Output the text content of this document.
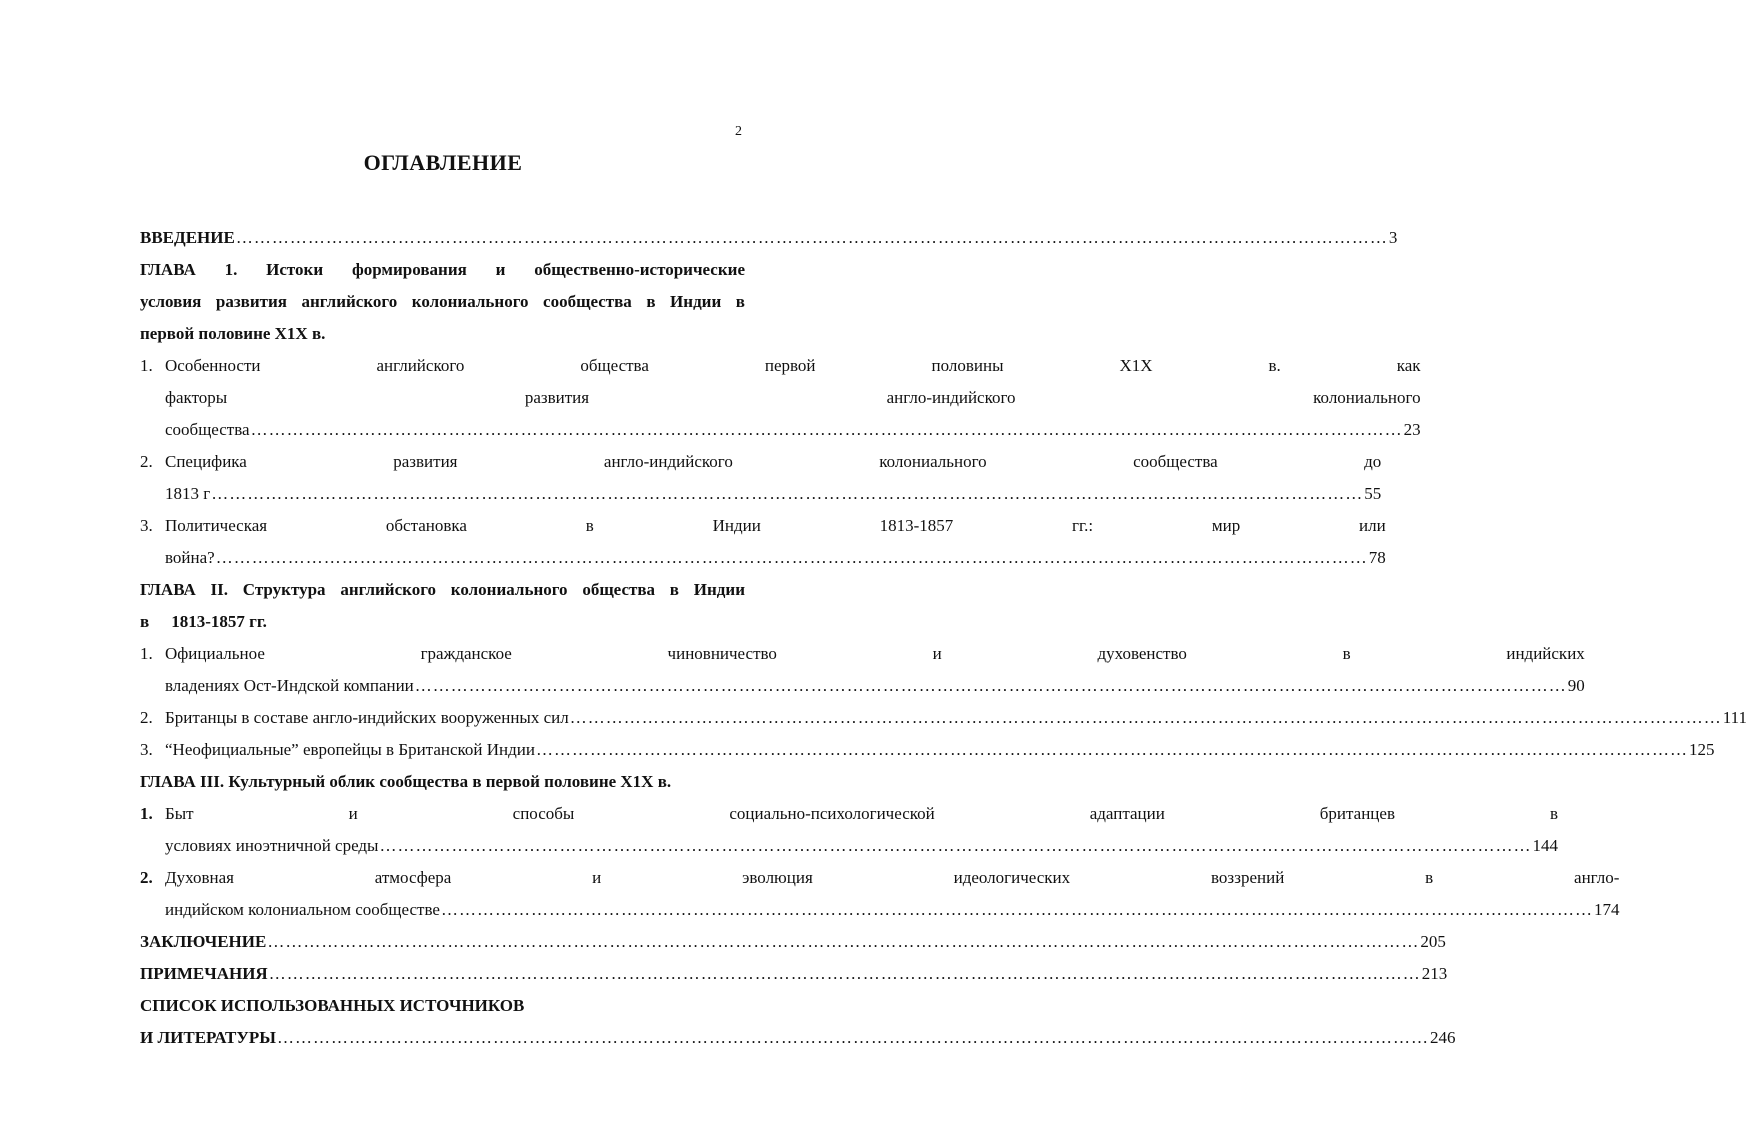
2
ОГЛАВЛЕНИЕ
ВВЕДЕНИЕ …………………………………………………………………………………………………………………………………………………………………………	3
ГЛАВА 1. Истоки формирования и общественно-исторические
условия развития английского колониального сообщества в Индии в
первой половине X1X в.
1. Особенности английского общества первой половины X1X в. как
факторы	развития	англо-индийского	колониального
сообщества …………………………………………………………………………………………………………………………………………………………………………	23
2. Специфика развития англо-индийского колониального сообщества до
1813 г …………………………………………………………………………………………………………………………………………………………………………	55
3. Политическая обстановка в Индии 1813-1857 гг.: мир или
война? …………………………………………………………………………………………………………………………………………………………………………	78
ГЛАВА II. Структура английского колониального общества в Индии
в 1813-1857 гг.
1. Официальное гражданское чиновничество и духовенство в индийских
владениях Ост-Индской компании …………………………………………………………………………………………………………………………………………………………………………	90
2. Британцы в составе англо-индийских вооруженных сил …………………………………………………………………………………………………………………………………………………………………………	111
3. “Неофициальные” европейцы в Британской Индии …………………………………………………………………………………………………………………………………………………………………………	125
ГЛАВА III. Культурный облик сообщества в первой половине X1X в.
1. Быт и способы социально-психологической адаптации британцев в
условиях иноэтничной среды …………………………………………………………………………………………………………………………………………………………………………	144
2. Духовная атмосфера и эволюция идеологических воззрений в англо-
индийском колониальном сообществе …………………………………………………………………………………………………………………………………………………………………………	174
ЗАКЛЮЧЕНИЕ …………………………………………………………………………………………………………………………………………………………………………	205
ПРИМЕЧАНИЯ …………………………………………………………………………………………………………………………………………………………………………	213
СПИСОК ИСПОЛЬЗОВАННЫХ ИСТОЧНИКОВ
И ЛИТЕРАТУРЫ …………………………………………………………………………………………………………………………………………………………………………	246
